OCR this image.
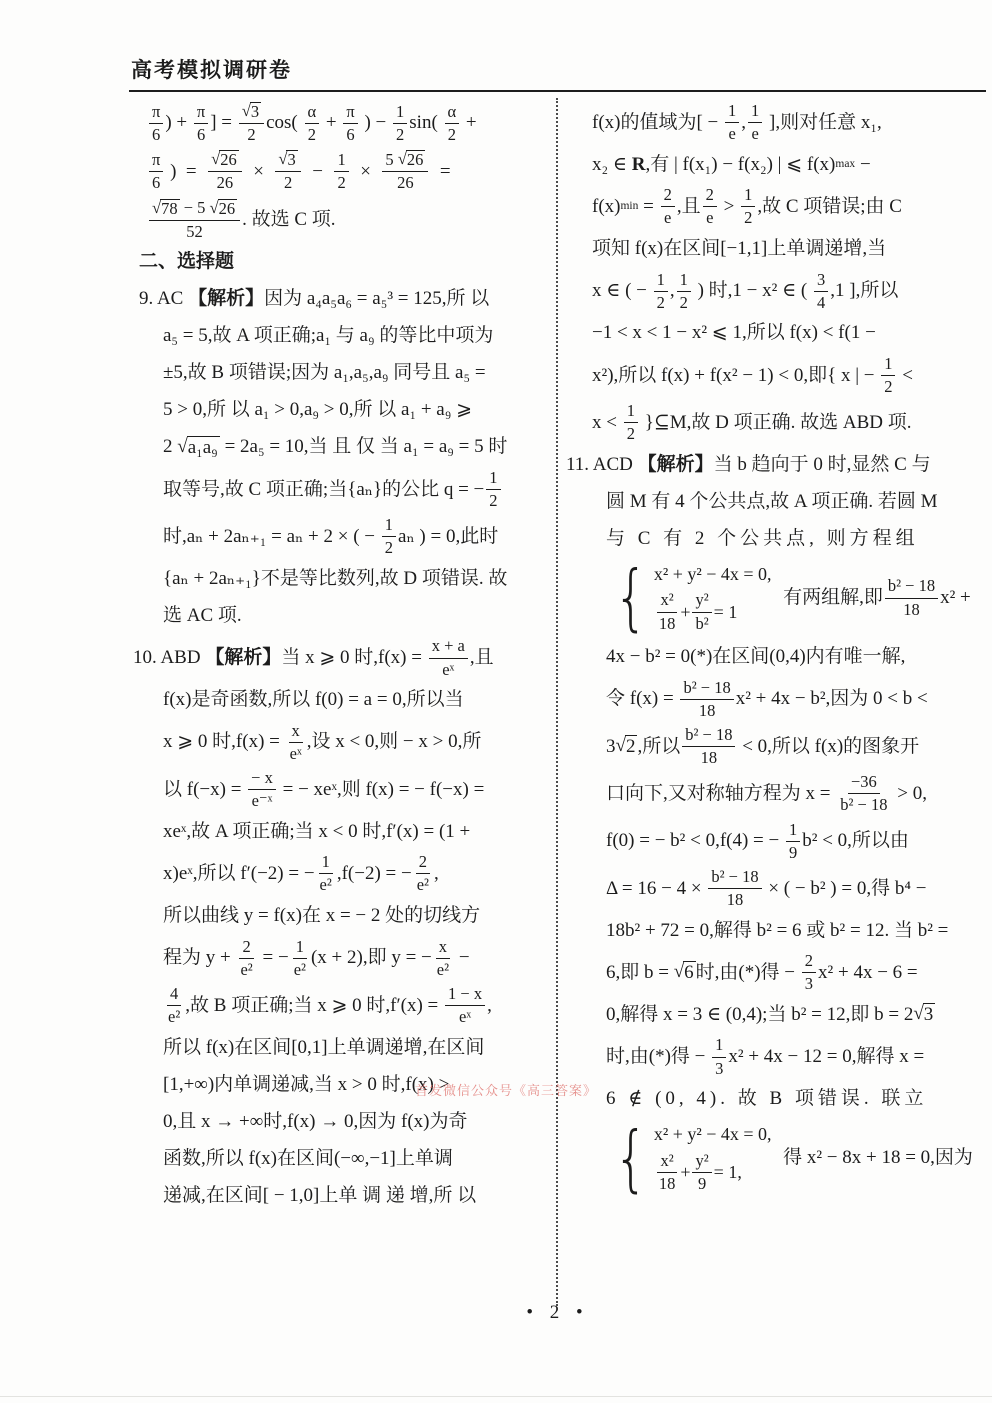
高考模拟调研卷
$\frac{\pi}{6}$ ) + $\frac{\pi}{6}$ ] = $\frac{√ 3}{2} \cos( \frac{\alpha}{2} + \frac{\pi}{6}$ ) − $\frac{1}{2} \sin( \frac{\alpha}{2}$ +
$\frac{\pi}{6}$ )  = $\frac{√ 26}{26} \times \frac{√ 3}{2} - \frac{1}{2} \times \frac{5 √ 26}{26}$ =
$\frac{√ 78 - 5 √ 26}{52}$ . 故选 C 项.
二、选择题
9. AC 【解析】 因为 a₄a₅a₆ = a₅³ = 125,所 以
a₅ = 5,故 A 项正确;a₁ 与 a₉ 的等比中项为
±5,故 B 项错误;因为 a₁,a₅,a₉ 同号且 a₅ =
5 > 0,所 以 a₁ > 0,a₉ > 0,所 以 a₁ + a₉ ⩾
2 √ a₁a₉ = 2a₅ = 10,当 且 仅 当 a₁ = a₉ = 5 时
取等号,故 C 项正确;当{aₙ}的公比 q = − $\frac{1}{2}$
时,aₙ + 2aₙ₊₁ = aₙ + 2 × ( − $\frac{1}{2}$ aₙ ) = 0,此时
{aₙ + 2aₙ₊₁}不是等比数列,故 D 项错误. 故
选 AC 项.
10. ABD 【解析】 当 x ⩾ 0 时$,f(x) = \frac{x + a}{\text{eˣ}}$ ,且
f(x)是奇函数,所以 f(0) = a = 0,所以当
x ⩾ 0 时$,f(x) = \frac{x}{\text{eˣ}}$ ,设 x < 0,则 − x > 0,所
以 $f(-x) = \frac{- x}{\text{e⁻ˣ}}$ = − xeˣ,则 f(x) = − f(−x) =
xeˣ,故 A 项正确;当 x < 0 时,f′(x) = (1 +
x)eˣ,所以 f′(−2) = − $\frac{1}{\text{e²}} ,f(-2)$ = − $\frac{2}{\text{e²}}$ ,
所以曲线 y = f(x)在 x = − 2 处的切线方
程为 $y + \frac{2}{\text{e²}}$ = − $\frac{1}{\text{e²}} (x + 2)$,即 y = − $\frac{x}{\text{e²}}$ −
$\frac{4}{\text{e²}}$ ,故 B 项正确;当 x ⩾ 0 时$,f'(x) = \frac{1 - x}{\text{eˣ}}$ ,
所以 f(x)在区间[0,1]上单调递增,在区间
[1,+∞)内单调递减,当 x > 0 时,f(x) >
0,且 x → +∞时,f(x) → 0,因为 f(x)为奇
函数,所以 f(x)在区间(−∞,−1]上单调
递减,在区间[ − 1,0]上单 调 递 增,所 以
f(x)的值域为[ − $\frac{1}{e}$ , $\frac{1}{e}$ ],则对任意 x₁,
x₂ ∈ R ,有 | f(x₁) − f(x₂) | ⩽ f(x) max −
f(x) $\min = \frac{2}{e}$ ,且 $\frac{2}{e} > \frac{1}{2}$ ,故 C 项错误;由 C
项知 f(x)在区间[−1,1]上单调递增,当
x ∈ ( − $\frac{1}{2}$ , $\frac{1}{2}$ ) 时,1 − x² ∈ ( $\frac{3}{4} ,1$ ],所以
−1 < x < 1 − x² ⩽ 1,所以 f(x) < f(1 −
x²),所以 f(x) + f(x² − 1) < 0,即{ x | − $\frac{1}{2}$ <
$x < \frac{1}{2}$ }⊆M,故 D 项正确. 故选 ABD 项.
11. ACD 【解析】 当 b 趋向于 0 时,显然 C 与
圆 M 有 4 个公共点,故 A 项正确. 若圆 M
与 C 有 2 个公共点, 则方程组
{ x² + y² − 4x = 0,
$\frac{\text{x²}}{18} + \frac{\text{y²}}{\text{b²}} = 1$
有两组解,即 $\frac{\text{b² − 18}}{18} x^2$ +
4x − b² = 0(*)在区间(0,4)内有唯一解,
令 $f(x) = \frac{\text{b² − 18}}{18} x^2 + 4x - b^2$,因为 0 < b <
3 √ 2 ,所以 $\frac{\text{b² − 18}}{18} < 0$,所以 f(x)的图象开
口向下,又对称轴方程为 $x = \frac{-36}{\text{b² − 18}} > 0$,
f(0) = − b² < 0,f(4) = − $\frac{1}{9} b^2 < 0$,所以由
$\Delta = 16 - 4 \times \frac{\text{b² − 18}}{18}$ × ( − b² ) = 0,得 b⁴ −
18b² + 72 = 0,解得 b² = 6 或 b² = 12. 当 b² =
6,即 b = √ 6 时,由(*)得 − $\frac{2}{3} x^2 + 4x - 6$ =
0,解得 x = 3 ∈ (0,4);当 b² = 12,即 b = 2 √ 3
时,由(*)得 − $\frac{1}{3} x^2 + 4x - 12 = 0$,解得 x =
6 ∉ (0, 4). 故 B 项错误. 联立
{ x² + y² − 4x = 0,
$\frac{\text{x²}}{18} + \frac{\text{y²}}{9} = 1$,
得 x² − 8x + 18 = 0,因为
首发微信公众号《高三答案》
• 2 •
